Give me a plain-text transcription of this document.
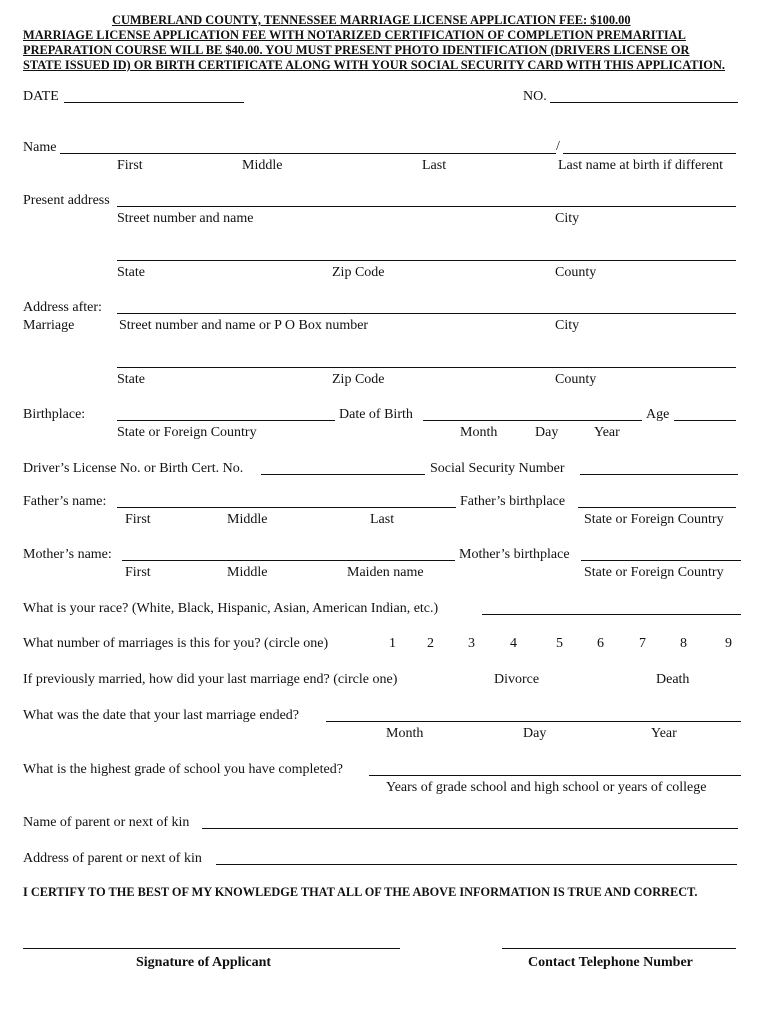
CUMBERLAND COUNTY, TENNESSEE MARRIAGE LICENSE APPLICATION FEE: $100.00
MARRIAGE LICENSE APPLICATION FEE WITH NOTARIZED CERTIFICATION OF COMPLETION PREMARITIAL
PREPARATION COURSE WILL BE $40.00. YOU MUST PRESENT PHOTO IDENTIFICATION (DRIVERS LICENSE OR
STATE ISSUED ID) OR BIRTH CERTIFICATE ALONG WITH YOUR SOCIAL SECURITY CARD WITH THIS APPLICATION.
DATE	NO.
Name	/
First	Middle	Last	Last name at birth if different
Present address
Street number and name	City
State	Zip Code	County
Address after:
Marriage	Street number and name or P O Box number	City
State	Zip Code	County
Birthplace:	Date of Birth	Age
State or Foreign Country	Month	Day	Year
Driver’s License No. or Birth Cert. No.	Social Security Number
Father’s name:	Father’s birthplace
First	Middle	Last	State or Foreign Country
Mother’s name:	Mother’s birthplace
First	Middle	Maiden name	State or Foreign Country
What is your race? (White, Black, Hispanic, Asian, American Indian, etc.)
What number of marriages is this for you? (circle one)	1 2 3	4	5 6	7 8	9
If previously married, how did your last marriage end? (circle one)	Divorce	Death
What was the date that your last marriage ended?
Month	Day	Year
What is the highest grade of school you have completed?
Years of grade school and high school or years of college
Name of parent or next of kin
Address of parent or next of kin
I CERTIFY TO THE BEST OF MY KNOWLEDGE THAT ALL OF THE ABOVE INFORMATION IS TRUE AND CORRECT.
Signature of Applicant	Contact Telephone Number
